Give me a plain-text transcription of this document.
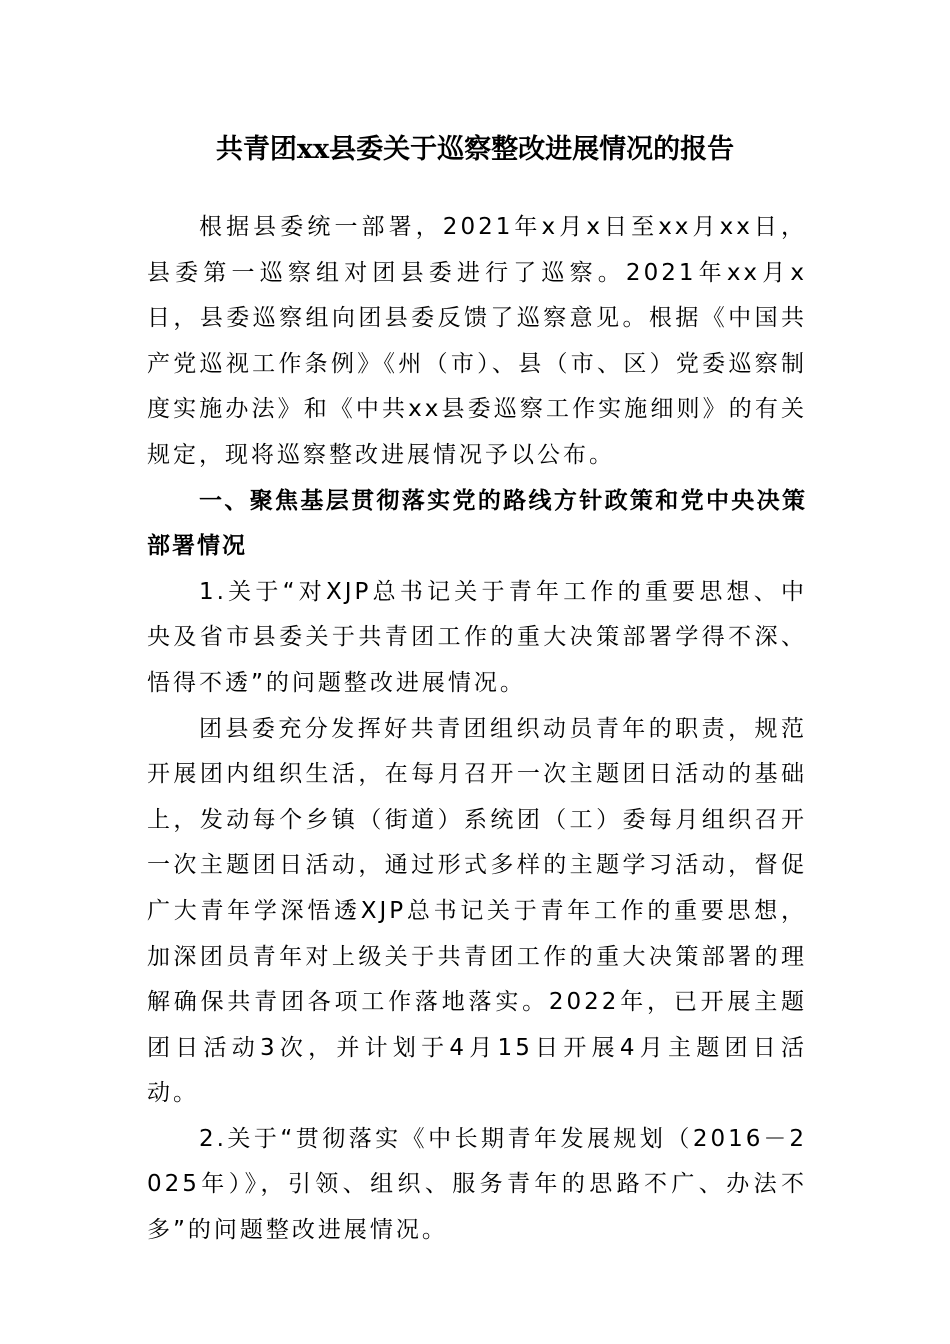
共青团xx县委关于巡察整改进展情况的报告

根据县委统一部署，2021年x月x日至xx月xx日，县委第一巡察组对团县委进行了巡察。2021年xx月x日，县委巡察组向团县委反馈了巡察意见。根据《中国共产党巡视工作条例》《州（市）、县（市、区）党委巡察制度实施办法》和《中共xx县委巡察工作实施细则》的有关规定，现将巡察整改进展情况予以公布。

一、聚焦基层贯彻落实党的路线方针政策和党中央决策部署情况

1.关于“对XJP总书记关于青年工作的重要思想、中央及省市县委关于共青团工作的重大决策部署学得不深、悟得不透”的问题整改进展情况。

团县委充分发挥好共青团组织动员青年的职责，规范开展团内组织生活，在每月召开一次主题团日活动的基础上，发动每个乡镇（街道）系统团（工）委每月组织召开一次主题团日活动，通过形式多样的主题学习活动，督促广大青年学深悟透XJP总书记关于青年工作的重要思想，加深团员青年对上级关于共青团工作的重大决策部署的理解确保共青团各项工作落地落实。2022年，已开展主题团日活动3次，并计划于4月15日开展4月主题团日活动。

2.关于“贯彻落实《中长期青年发展规划（2016－2025年）》，引领、组织、服务青年的思路不广、办法不多”的问题整改进展情况。
